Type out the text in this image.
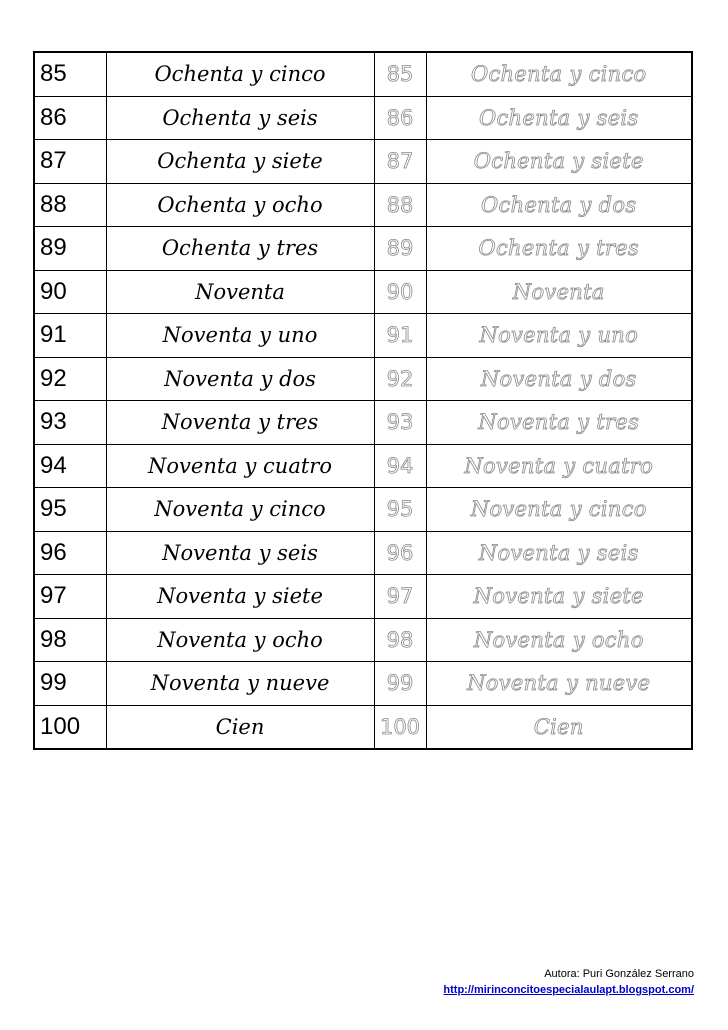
85	Ochenta y cinco	85	Ochenta y cinco
86	Ochenta y seis	86	Ochenta y seis
87	Ochenta y siete	87	Ochenta y siete
88	Ochenta y ocho	88	Ochenta y dos
89	Ochenta y tres	89	Ochenta y tres
90	Noventa	90	Noventa
91	Noventa y uno	91	Noventa y uno
92	Noventa y dos	92	Noventa y dos
93	Noventa y tres	93	Noventa y tres
94	Noventa y cuatro	94	Noventa y cuatro
95	Noventa y cinco	95	Noventa y cinco
96	Noventa y seis	96	Noventa y seis
97	Noventa y siete	97	Noventa y siete
98	Noventa y ocho	98	Noventa y ocho
99	Noventa y nueve	99	Noventa y nueve
100	Cien	100	Cien
Autora: Puri González Serrano
http://mirinconcitoespecialaulapt.blogspot.com/
